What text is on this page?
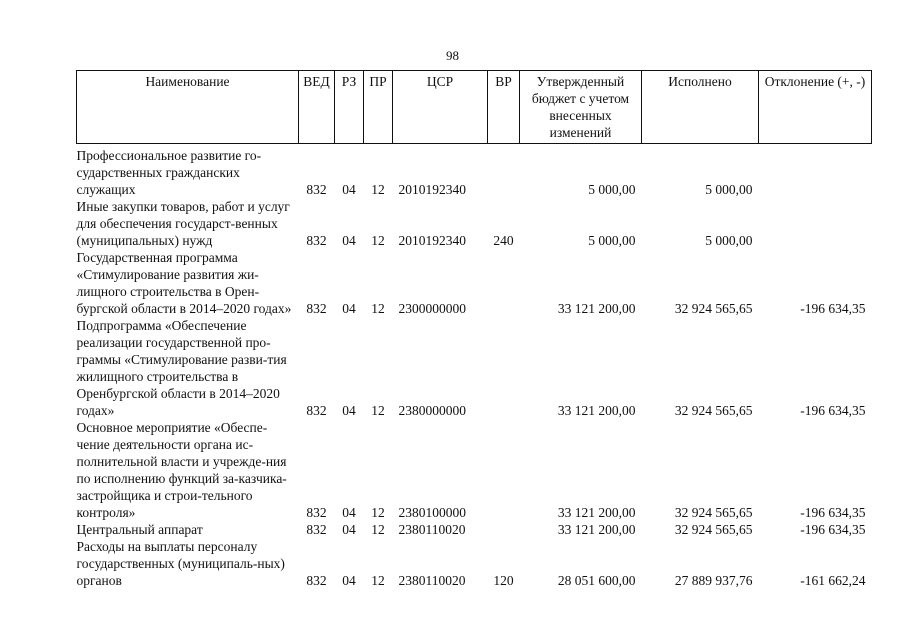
98
Наименование	ВЕД	РЗ	ПР	ЦСР	ВР	Утвержденный бюджет с учетом внесенных изменений	Исполнено	Отклонение (+, -)
Профессиональное развитие го-сударственных гражданских служащих	832	04	12	2010192340		5 000,00	5 000,00	
Иные закупки товаров, работ и услуг для обеспечения государст-венных (муниципальных) нужд	832	04	12	2010192340	240	5 000,00	5 000,00	
Государственная программа «Стимулирование развития жи-лищного строительства в Орен-бургской области в 2014–2020 годах»	832	04	12	2300000000		33 121 200,00	32 924 565,65	-196 634,35
Подпрограмма «Обеспечение реализации государственной про-граммы «Стимулирование разви-тия жилищного строительства в Оренбургской области в 2014–2020 годах»	832	04	12	2380000000		33 121 200,00	32 924 565,65	-196 634,35
Основное мероприятие «Обеспе-чение деятельности органа ис-полнительной власти и учрежде-ния по исполнению функций за-казчика-застройщика и строи-тельного контроля»	832	04	12	2380100000		33 121 200,00	32 924 565,65	-196 634,35
Центральный аппарат	832	04	12	2380110020		33 121 200,00	32 924 565,65	-196 634,35
Расходы на выплаты персоналу государственных (муниципаль-ных) органов	832	04	12	2380110020	120	28 051 600,00	27 889 937,76	-161 662,24
